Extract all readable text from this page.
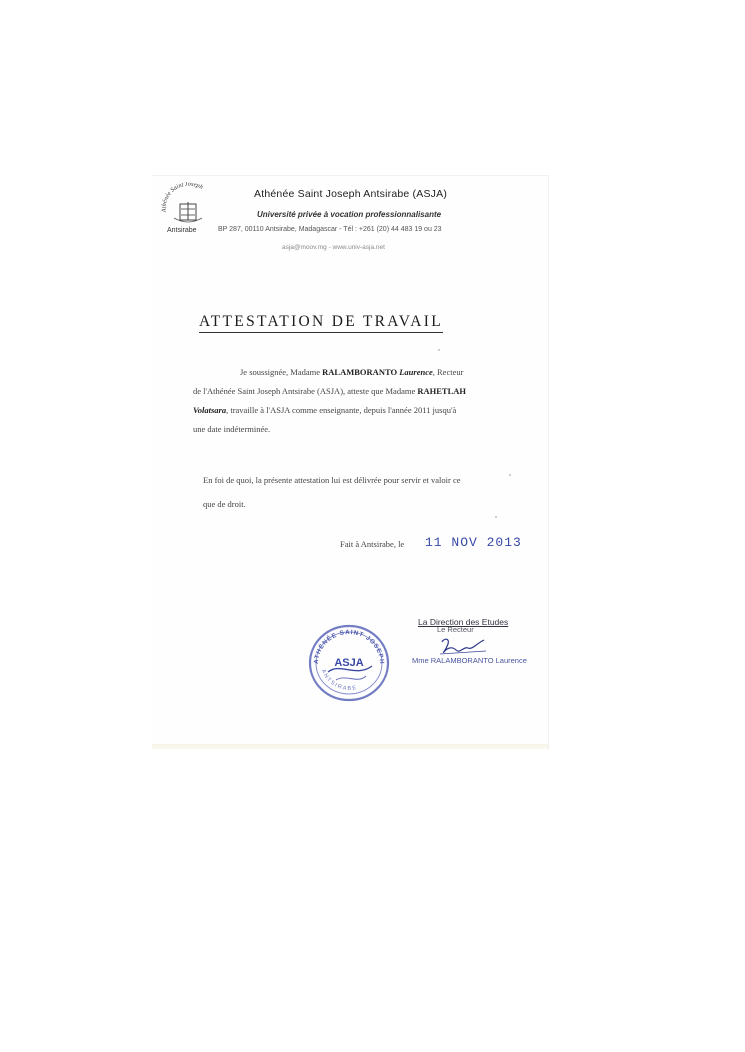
Athénée Saint Joseph
Antsirabe
Athénée Saint Joseph Antsirabe (ASJA)
Université privée à vocation professionnalisante
BP 287, 00110 Antsirabe, Madagascar - Tél : +261 (20) 44 483 19 ou 23
asja@moov.mg - www.univ-asja.net
ATTESTATION DE TRAVAIL
Je soussignée, Madame RALAMBORANTO Laurence, Recteur
de l'Athénée Saint Joseph Antsirabe (ASJA), atteste que Madame RAHETLAH
Volatsara, travaille à l'ASJA comme enseignante, depuis l'année 2011 jusqu'à
une date indéterminée.
En foi de quoi, la présente attestation lui est délivrée pour servir et valoir ce
que de droit.
Fait à Antsirabe, le 11 NOV 2013
ATHÉNÉE SAINT JOSEPH
ANTSIRABE
ASJA
La Direction des Etudes
Le Recteur
Mme RALAMBORANTO Laurence
